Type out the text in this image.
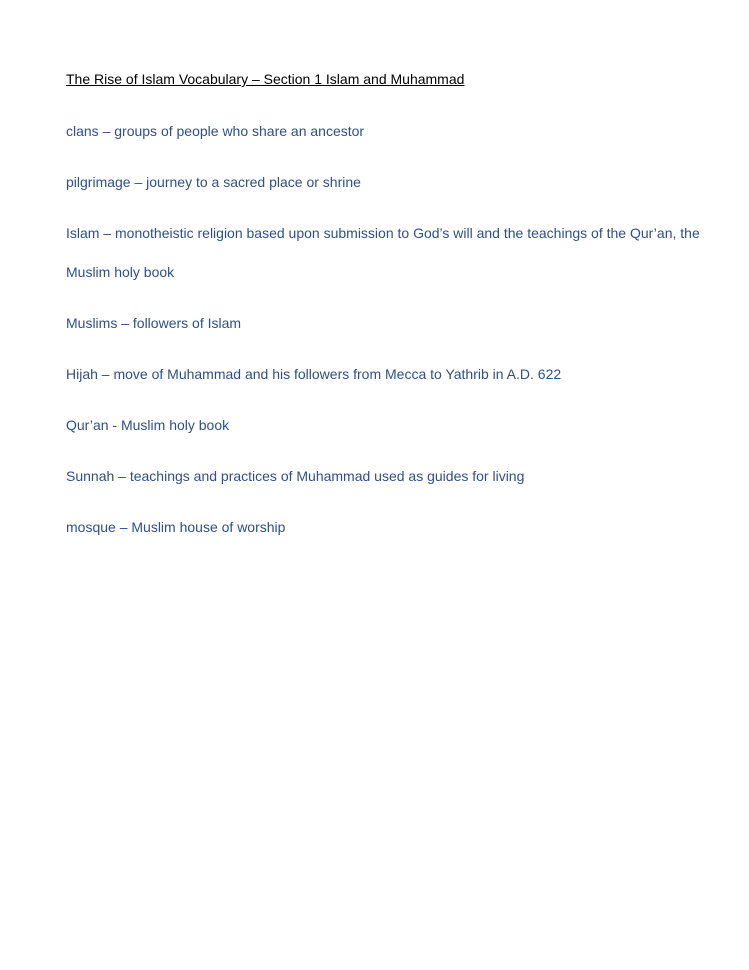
The Rise of Islam Vocabulary – Section 1 Islam and Muhammad

clans – groups of people who share an ancestor

pilgrimage – journey to a sacred place or shrine

Islam – monotheistic religion based upon submission to God’s will and the teachings of the Qur’an, the Muslim holy book

Muslims – followers of Islam

Hijah – move of Muhammad and his followers from Mecca to Yathrib in A.D. 622

Qur’an - Muslim holy book

Sunnah – teachings and practices of Muhammad used as guides for living

mosque – Muslim house of worship
